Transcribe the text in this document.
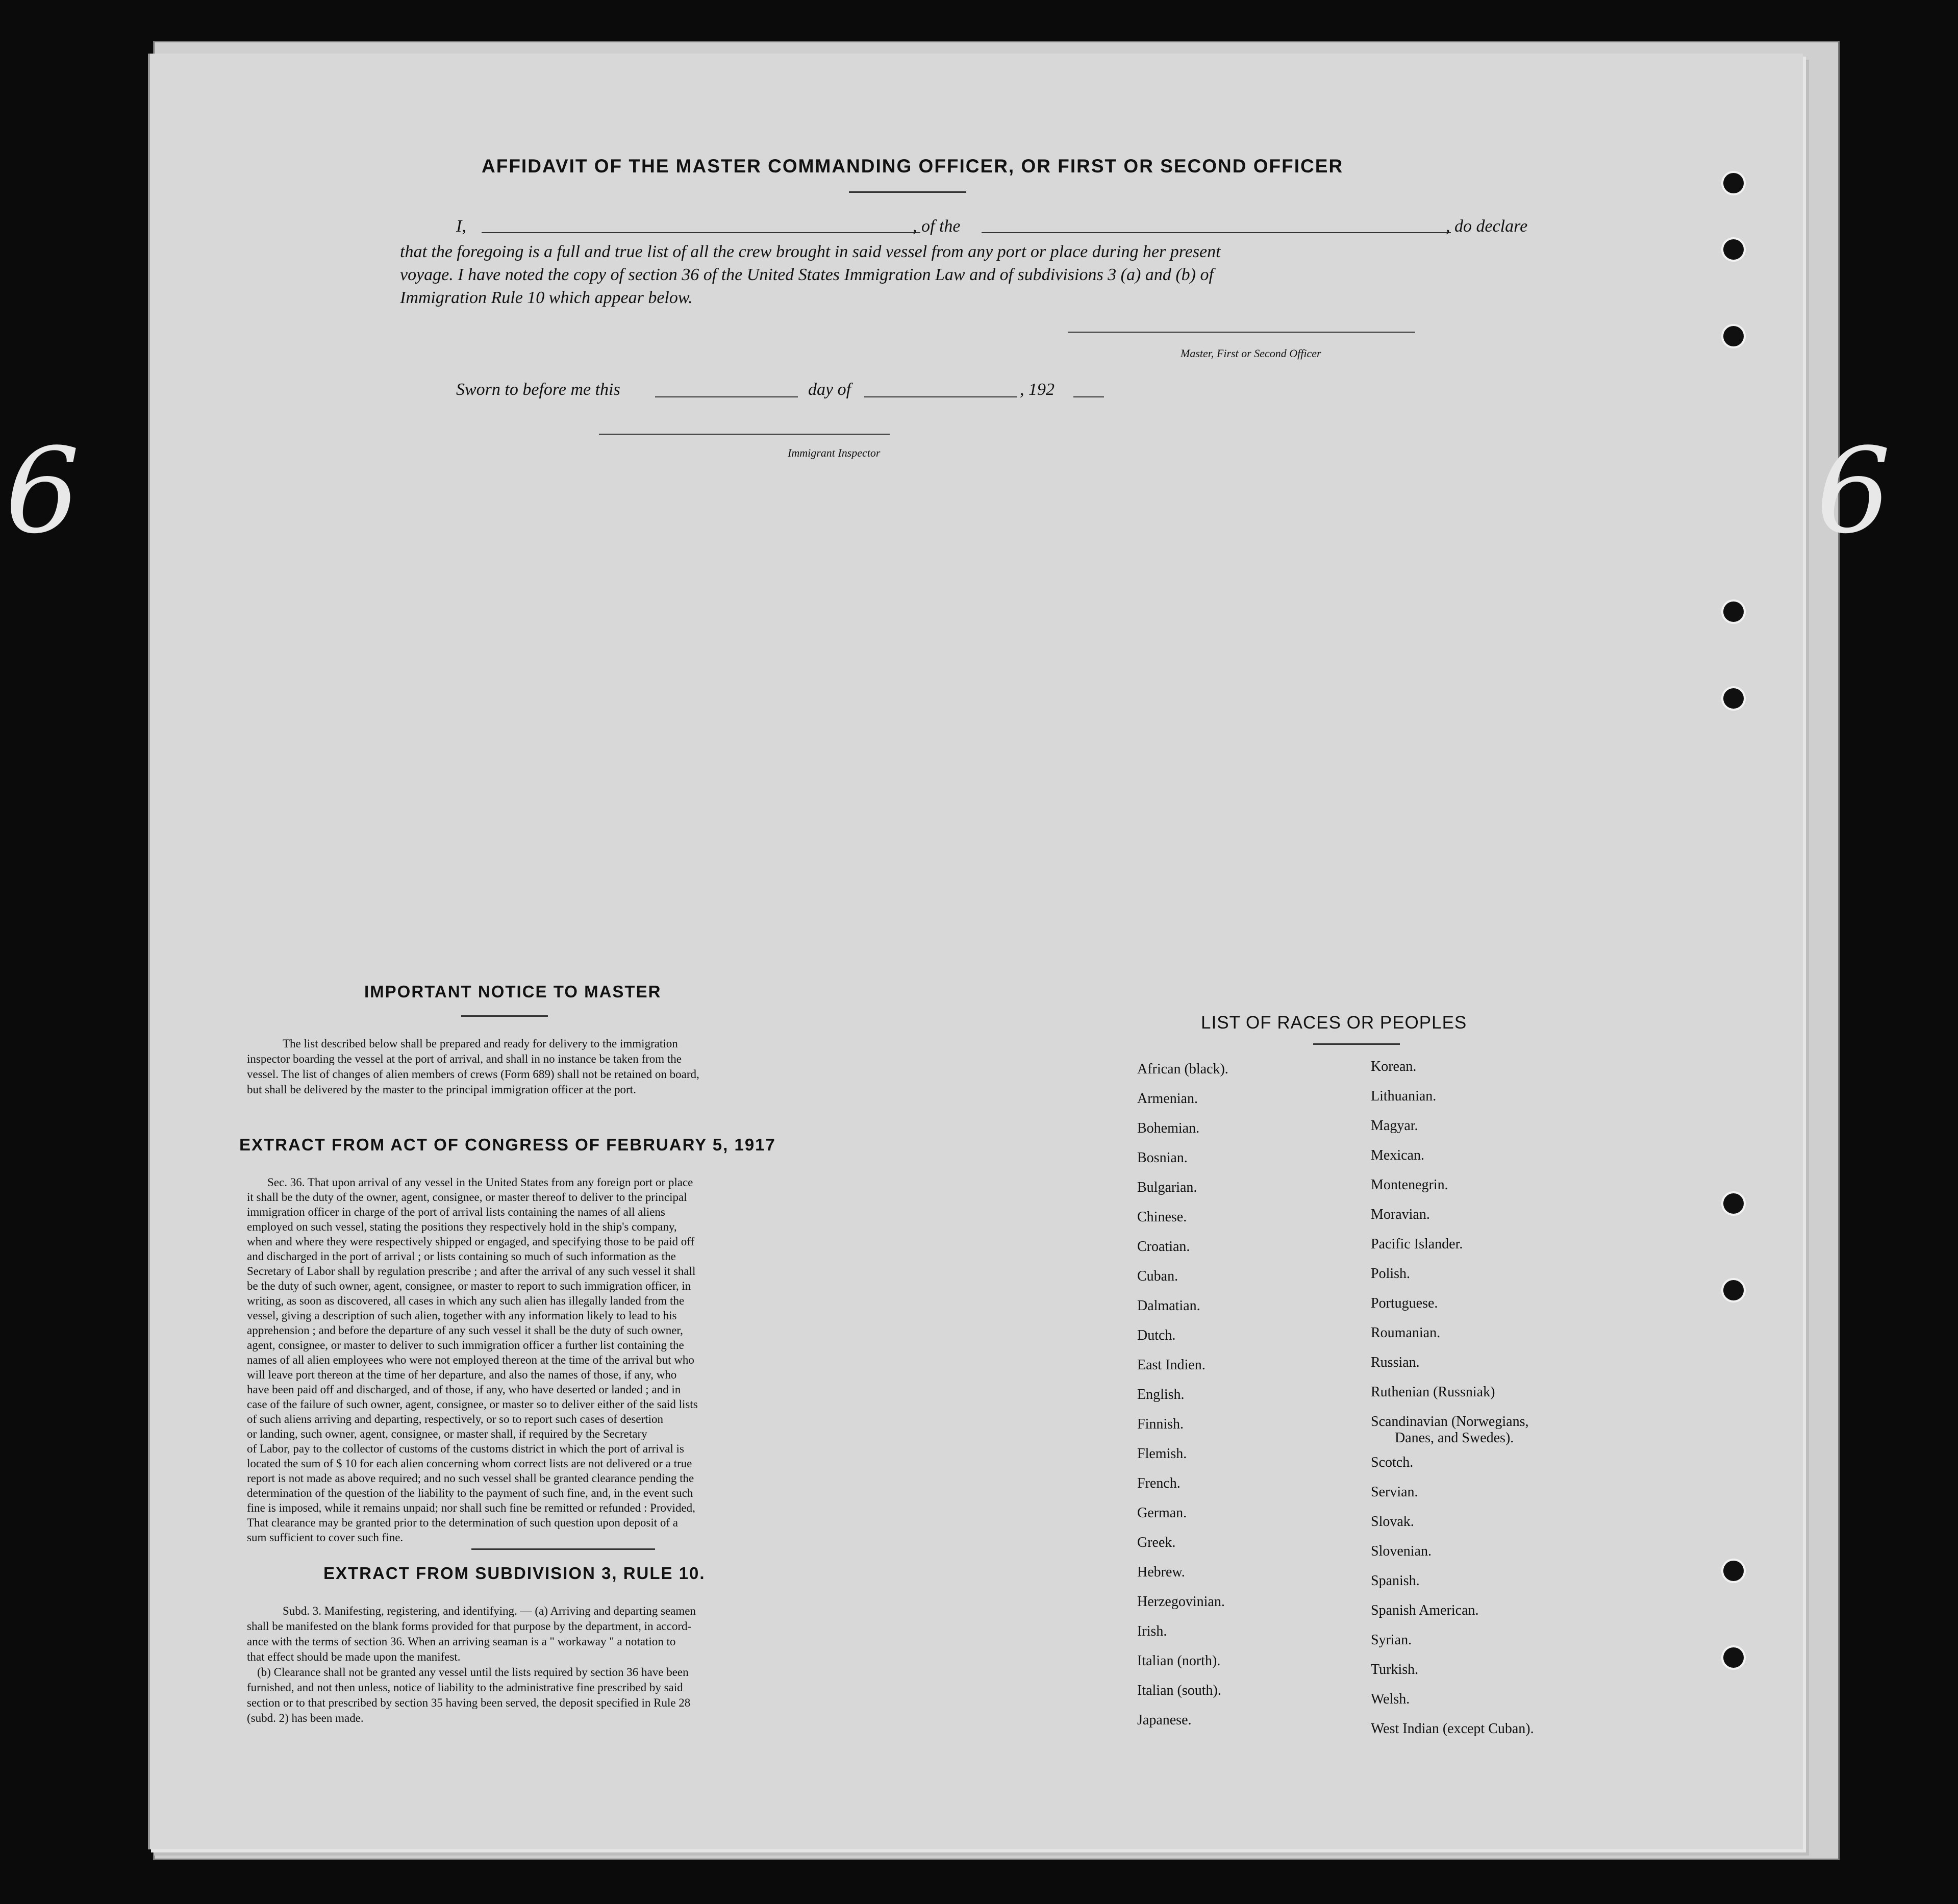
6	6
AFFIDAVIT OF THE MASTER COMMANDING OFFICER, OR FIRST OR SECOND OFFICER
I,	, of the	, do declare
that the foregoing is a full and true list of all the crew brought in said vessel from any port or place during her present
voyage. I have noted the copy of section 36 of the United States Immigration Law and of subdivisions 3 (a) and (b) of
Immigration Rule 10 which appear below.
Master, First or Second Officer
Sworn to before me this	day of	, 192
Immigrant Inspector
IMPORTANT NOTICE TO MASTER
The list described below shall be prepared and ready for delivery to the immigration
inspector boarding the vessel at the port of arrival, and shall in no instance be taken from the
vessel. The list of changes of alien members of crews (Form 689) shall not be retained on board,
but shall be delivered by the master to the principal immigration officer at the port.
EXTRACT FROM ACT OF CONGRESS OF FEBRUARY 5, 1917
Sec. 36. That upon arrival of any vessel in the United States from any foreign port or place
it shall be the duty of the owner, agent, consignee, or master thereof to deliver to the principal
immigration officer in charge of the port of arrival lists containing the names of all aliens
employed on such vessel, stating the positions they respectively hold in the ship's company,
when and where they were respectively shipped or engaged, and specifying those to be paid off
and discharged in the port of arrival ; or lists containing so much of such information as the
Secretary of Labor shall by regulation prescribe ; and after the arrival of any such vessel it shall
be the duty of such owner, agent, consignee, or master to report to such immigration officer, in
writing, as soon as discovered, all cases in which any such alien has illegally landed from the
vessel, giving a description of such alien, together with any information likely to lead to his
apprehension ; and before the departure of any such vessel it shall be the duty of such owner,
agent, consignee, or master to deliver to such immigration officer a further list containing the
names of all alien employees who were not employed thereon at the time of the arrival but who
will leave port thereon at the time of her departure, and also the names of those, if any, who
have been paid off and discharged, and of those, if any, who have deserted or landed ; and in
case of the failure of such owner, agent, consignee, or master so to deliver either of the said lists
of such aliens arriving and departing, respectively, or so to report such cases of desertion
or landing, such owner, agent, consignee, or master shall, if required by the Secretary
of Labor, pay to the collector of customs of the customs district in which the port of arrival is
located the sum of $ 10 for each alien concerning whom correct lists are not delivered or a true
report is not made as above required; and no such vessel shall be granted clearance pending the
determination of the question of the liability to the payment of such fine, and, in the event such
fine is imposed, while it remains unpaid; nor shall such fine be remitted or refunded : Provided,
That clearance may be granted prior to the determination of such question upon deposit of a
sum sufficient to cover such fine.
EXTRACT FROM SUBDIVISION 3, RULE 10.
Subd. 3. Manifesting, registering, and identifying. — (a) Arriving and departing seamen
shall be manifested on the blank forms provided for that purpose by the department, in accord-
ance with the terms of section 36. When an arriving seaman is a " workaway " a notation to
that effect should be made upon the manifest.
(b) Clearance shall not be granted any vessel until the lists required by section 36 have been
furnished, and not then unless, notice of liability to the administrative fine prescribed by said
section or to that prescribed by section 35 having been served, the deposit specified in Rule 28
(subd. 2) has been made.
LIST OF RACES OR PEOPLES
African (black).
Armenian.
Bohemian.
Bosnian.
Bulgarian.
Chinese.
Croatian.
Cuban.
Dalmatian.
Dutch.
East Indien.
English.
Finnish.
Flemish.
French.
German.
Greek.
Hebrew.
Herzegovinian.
Irish.
Italian (north).
Italian (south).
Japanese.
Korean.
Lithuanian.
Magyar.
Mexican.
Montenegrin.
Moravian.
Pacific Islander.
Polish.
Portuguese.
Roumanian.
Russian.
Ruthenian (Russniak)
Scandinavian (Norwegians,
Danes, and Swedes).
Scotch.
Servian.
Slovak.
Slovenian.
Spanish.
Spanish American.
Syrian.
Turkish.
Welsh.
West Indian (except Cuban).
